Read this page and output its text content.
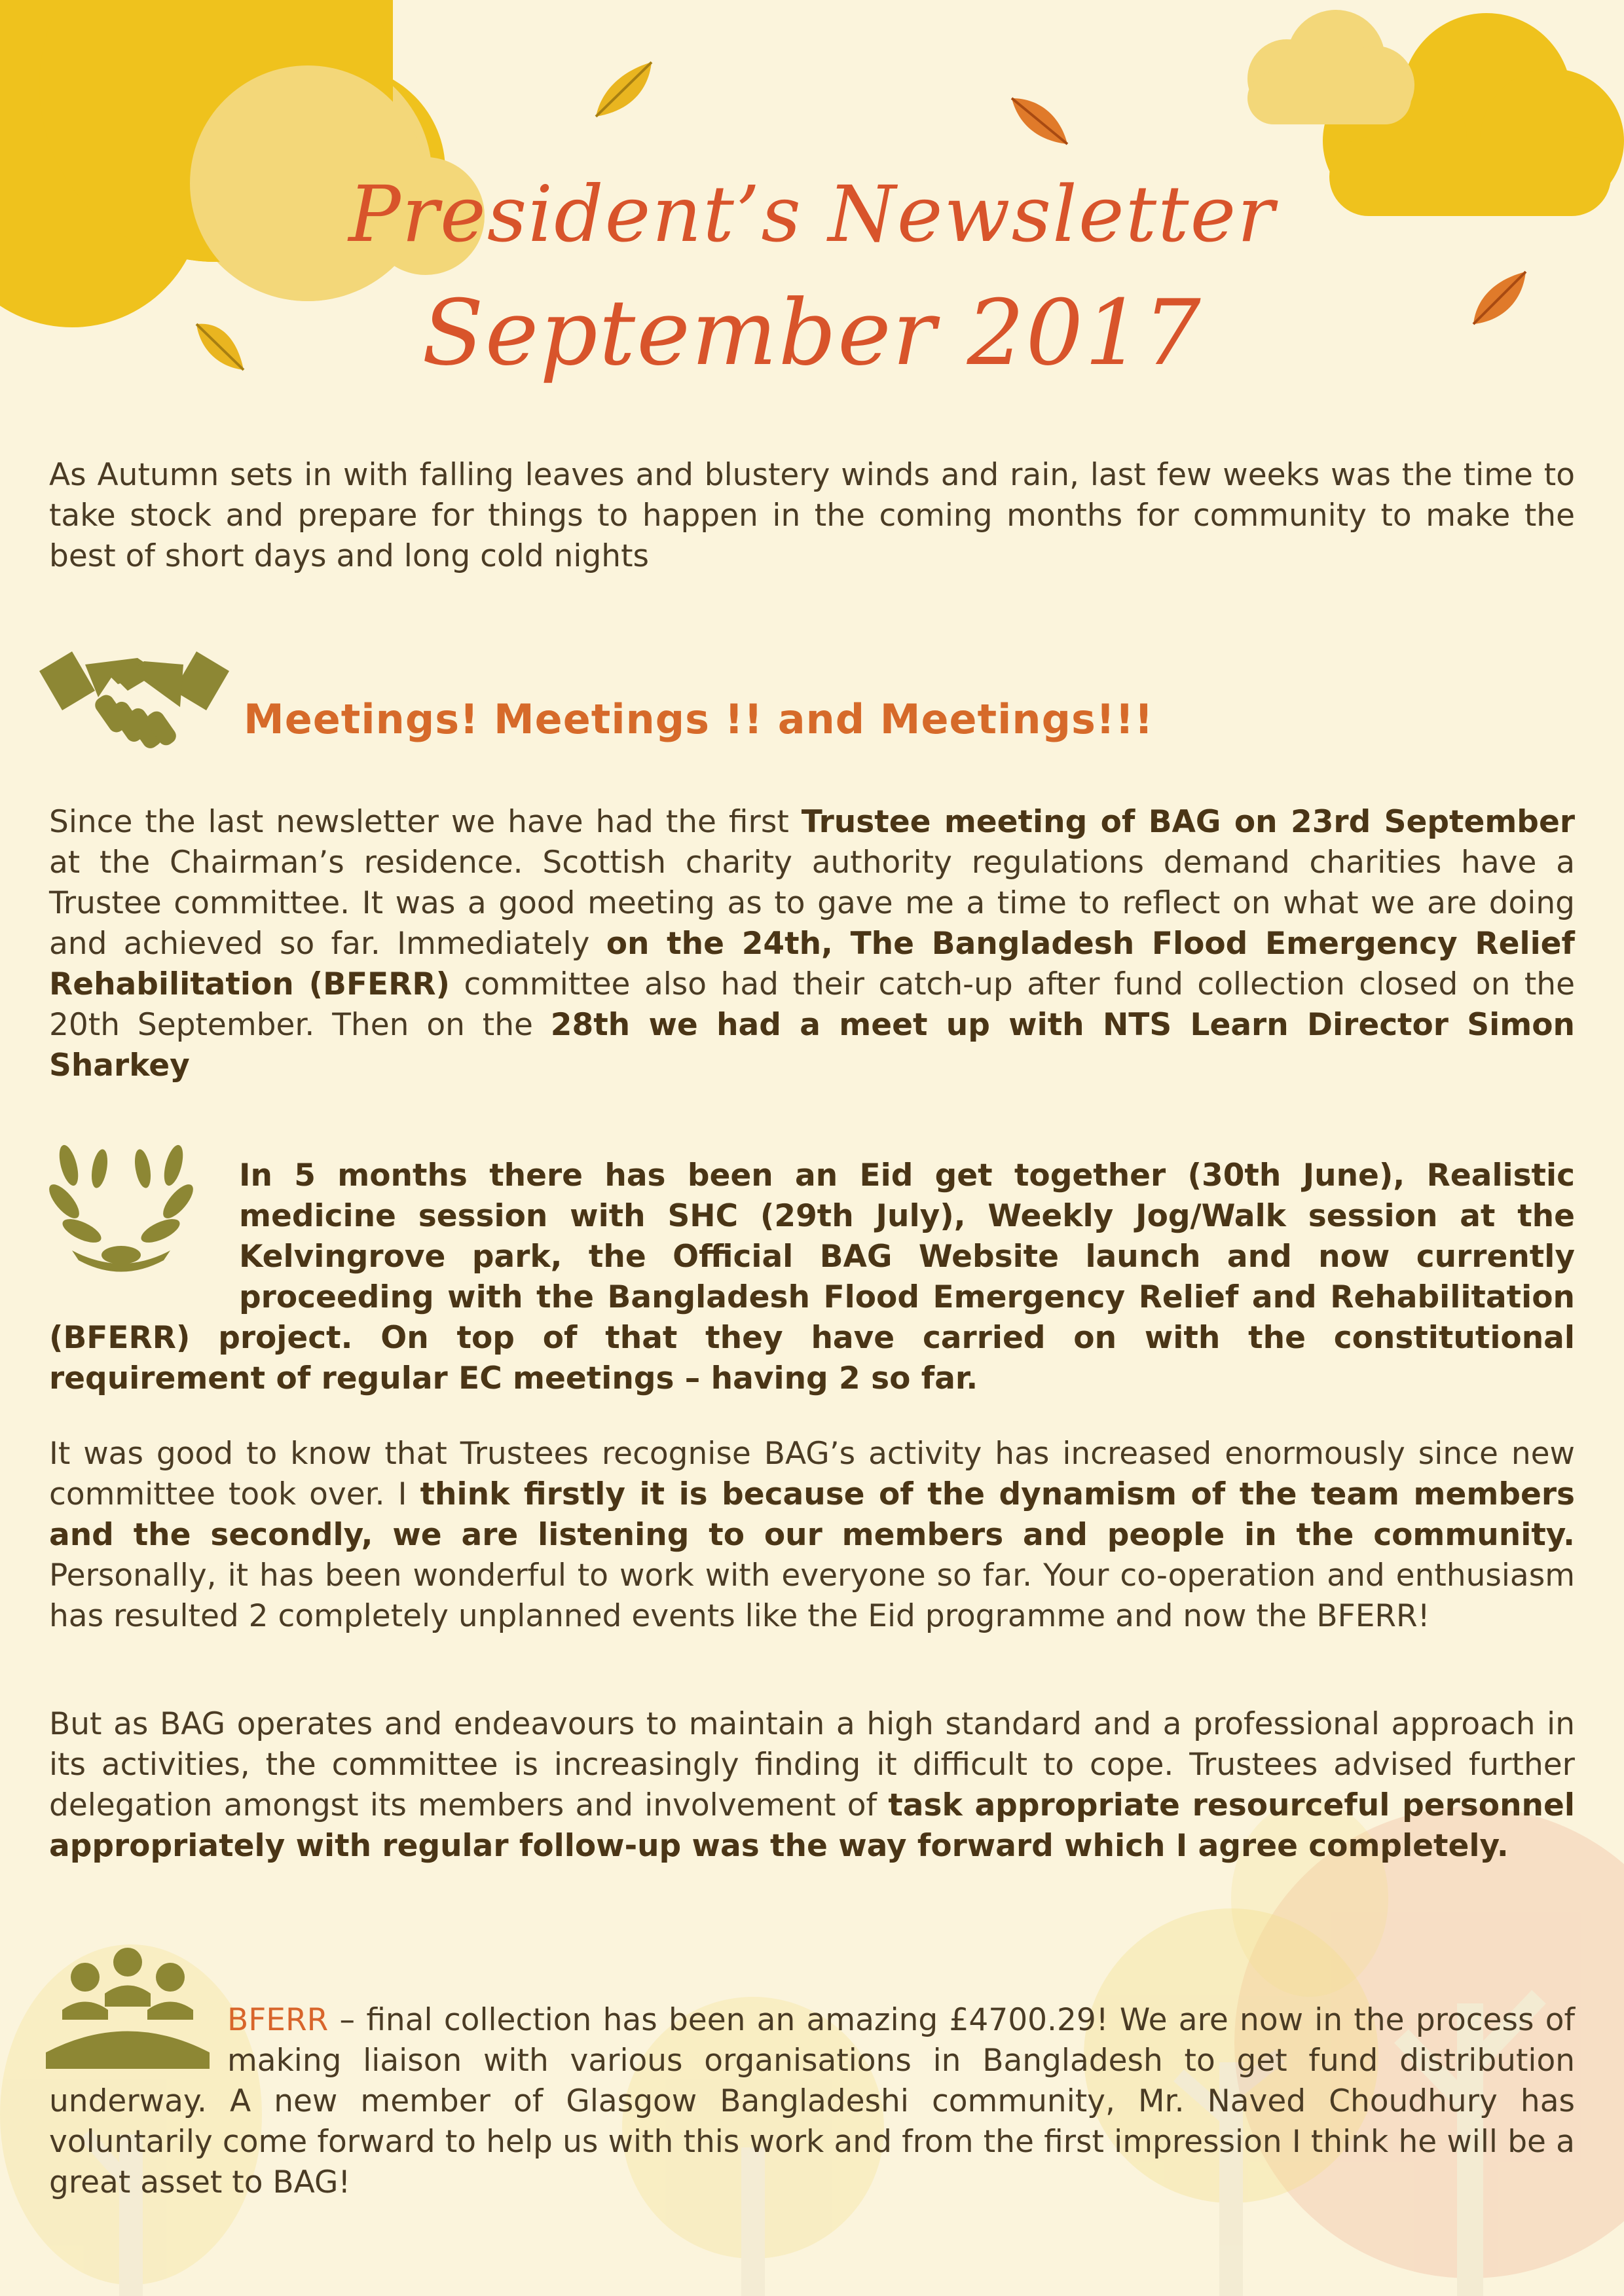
President’s Newsletter
September 2017

As Autumn sets in with falling leaves and blustery winds and rain, last few weeks was the time to take stock and prepare for things to happen in the coming months for community to make the best of short days and long cold nights

Meetings! Meetings !! and Meetings!!!

Since the last newsletter we have had the first Trustee meeting of BAG on 23rd September at the Chairman’s residence. Scottish charity authority regulations demand charities have a Trustee committee. It was a good meeting as to gave me a time to reflect on what we are doing and achieved so far. Immediately on the 24th, The Bangladesh Flood Emergency Relief Rehabilitation (BFERR) committee also had their catch-up after fund collection closed on the 20th September. Then on the 28th we had a meet up with NTS Learn Director Simon Sharkey

In 5 months there has been an Eid get together (30th June), Realistic medicine session with SHC (29th July), Weekly Jog/Walk session at the Kelvingrove park, the Official BAG Website launch and now currently proceeding with the Bangladesh Flood Emergency Relief and Rehabilitation (BFERR) project. On top of that they have carried on with the constitutional requirement of regular EC meetings – having 2 so far.

It was good to know that Trustees recognise BAG’s activity has increased enormously since new committee took over. I think firstly it is because of the dynamism of the team members and the secondly, we are listening to our members and people in the community. Personally, it has been wonderful to work with everyone so far. Your co-operation and enthusiasm has resulted 2 completely unplanned events like the Eid programme and now the BFERR!

But as BAG operates and endeavours to maintain a high standard and a professional approach in its activities, the committee is increasingly finding it difficult to cope. Trustees advised further delegation amongst its members and involvement of task appropriate resourceful personnel appropriately with regular follow-up was the way forward which I agree completely.

BFERR – final collection has been an amazing £4700.29! We are now in the process of making liaison with various organisations in Bangladesh to get fund distribution underway. A new member of Glasgow Bangladeshi community, Mr. Naved Choudhury has voluntarily come forward to help us with this work and from the first impression I think he will be a great asset to BAG!
